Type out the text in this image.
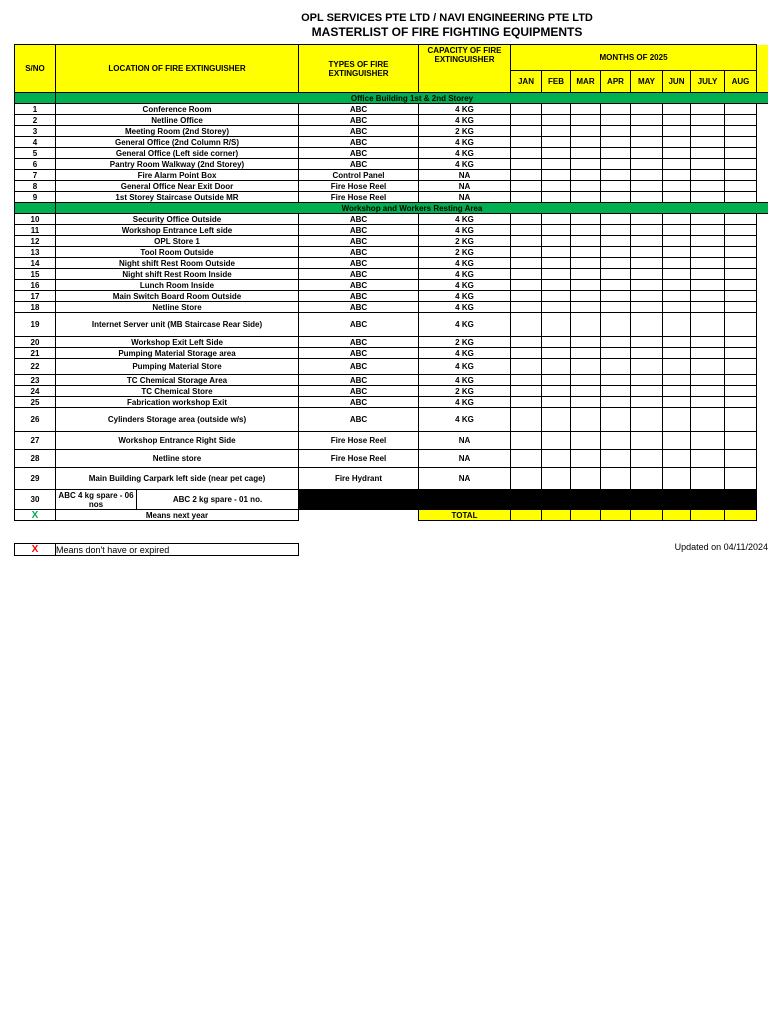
OPL SERVICES PTE LTD / NAVI ENGINEERING PTE LTD
MASTERLIST OF FIRE FIGHTING EQUIPMENTS
S/NO	LOCATION OF FIRE EXTINGUISHER		TYPES OF FIRE EXTINGUISHER	CAPACITY OF FIRE EXTINGUISHER	MONTHS OF 2025								
					JAN	FEB	MAR	APR	MAY	JUN	JULY	AUG	
	Office Building 1st & 2nd Storey												
1	Conference Room		ABC	4 KG									
2	Netline Office		ABC	4 KG									
3	Meeting Room (2nd Storey)		ABC	2 KG									
4	General Office (2nd Column R/S)		ABC	4 KG									
5	General Office (Left side corner)		ABC	4 KG									
6	Pantry Room Walkway (2nd Storey)		ABC	4 KG									
7	Fire Alarm Point Box		Control Panel	NA									
8	General Office Near Exit Door		Fire Hose Reel	NA									
9	1st Storey Staircase Outside MR		Fire Hose Reel	NA									
	Workshop and Workers Resting Area												
10	Security Office Outside		ABC	4 KG									
11	Workshop Entrance Left side		ABC	4 KG									
12	OPL Store 1		ABC	2 KG									
13	Tool Room Outside		ABC	2 KG									
14	Night shift Rest Room Outside		ABC	4 KG									
15	Night shift Rest Room Inside		ABC	4 KG									
16	Lunch Room Inside		ABC	4 KG									
17	Main Switch Board Room Outside		ABC	4 KG									
18	Netline Store		ABC	4 KG									
19	Internet Server unit (MB Staircase Rear Side)		ABC	4 KG									
20	Workshop Exit Left Side		ABC	2 KG									
21	Pumping Material Storage area		ABC	4 KG									
22	Pumping Material Store		ABC	4 KG									
23	TC Chemical Storage Area		ABC	4 KG									
24	TC Chemical Store		ABC	2 KG									
25	Fabrication workshop Exit		ABC	4 KG									
26	Cylinders Storage area (outside w/s)		ABC	4 KG									
27	Workshop Entrance Right Side		Fire Hose Reel	NA									
28	Netline store		Fire Hose Reel	NA									
29	Main Building Carpark left side (near pet cage)		Fire Hydrant	NA									
30	ABC 4 kg spare - 06 nos	ABC 2 kg spare - 01 no.											
X	Means next year			TOTAL									
X	Means don't have or expired	Updated on 04/11/2024
